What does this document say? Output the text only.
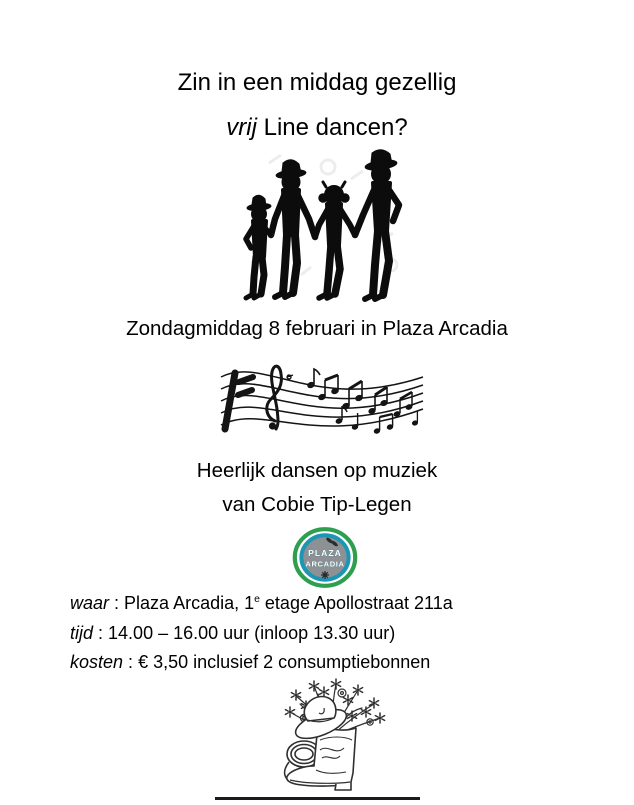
Zin in een middag gezellig
vrij Line dancen?
Zondagmiddag 8 februari in Plaza Arcadia
Heerlijk dansen op muziek
van Cobie Tip-Legen
PLAZA
ARCADIA
waar : Plaza Arcadia, 1e etage Apollostraat 211a
tijd : 14.00 – 16.00 uur (inloop 13.30 uur)
kosten : € 3,50 inclusief 2 consumptiebonnen
